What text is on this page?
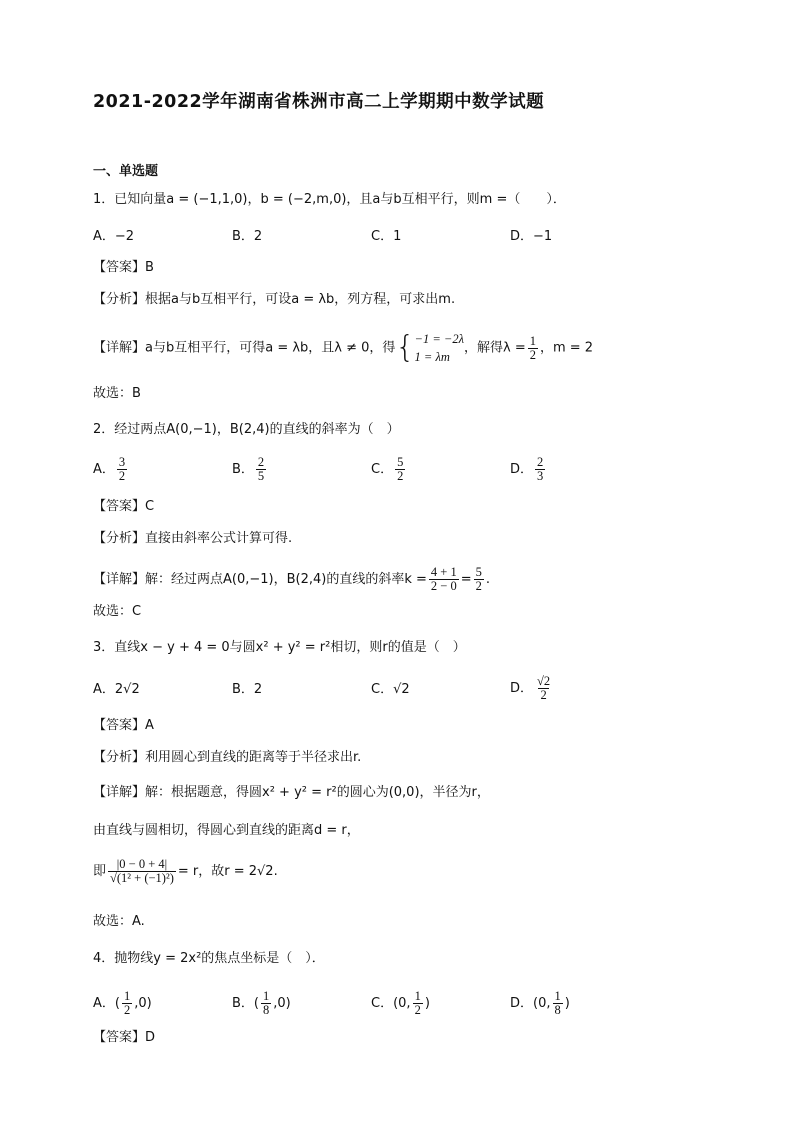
2021-2022学年湖南省株洲市高二上学期期中数学试题
一、单选题
1．已知向量a = (−1,1,0)，b = (−2,m,0)，且a与b互相平行，则m =（　　）．
A．−2	B．2	C．1	D．−1
【答案】B
【分析】根据a与b互相平行，可设a = λb，列方程，可求出m.
【详解】a与b互相平行，可得a = λb，且λ ≠ 0，得{ −1 = −2λ
1 = λm
，解得$\lambda = \frac{1}{2}$ ，m = 2
故选：B
2．经过两点A(0,−1)，B(2,4)的直线的斜率为（　）
A． $\frac{3}{2}$	B． $\frac{2}{5}$	C． $\frac{5}{2}$	D． $\frac{2}{3}$
【答案】C
【分析】直接由斜率公式计算可得.
【详解】解：经过两点A(0,−1)，B(2,4)的直线的斜率$k = \frac{4 + 1}{2 - 0} = \frac{5}{2}$ .
故选：C
3．直线x − y + 4 = 0与圆x² + y² = r²相切，则r的值是（　）
A．2√2	B．2	C．√2	D． $\frac{√2}{2}$
【答案】A
【分析】利用圆心到直线的距离等于半径求出r.
【详解】解：根据题意，得圆x² + y² = r²的圆心为(0,0)，半径为r，
由直线与圆相切，得圆心到直线的距离d = r，
即 $\frac{|0 - 0 + 4|}{\text{√(1² + (−1)²)}} = r$，故r = 2√2.
故选：A.
4．抛物线y = 2x²的焦点坐标是（　）．
A．( $\frac{1}{2} ,0$)	B．( $\frac{1}{8} ,0$)	C．(0, $\frac{1}{2}$ )	D．(0, $\frac{1}{8}$ )
【答案】D
